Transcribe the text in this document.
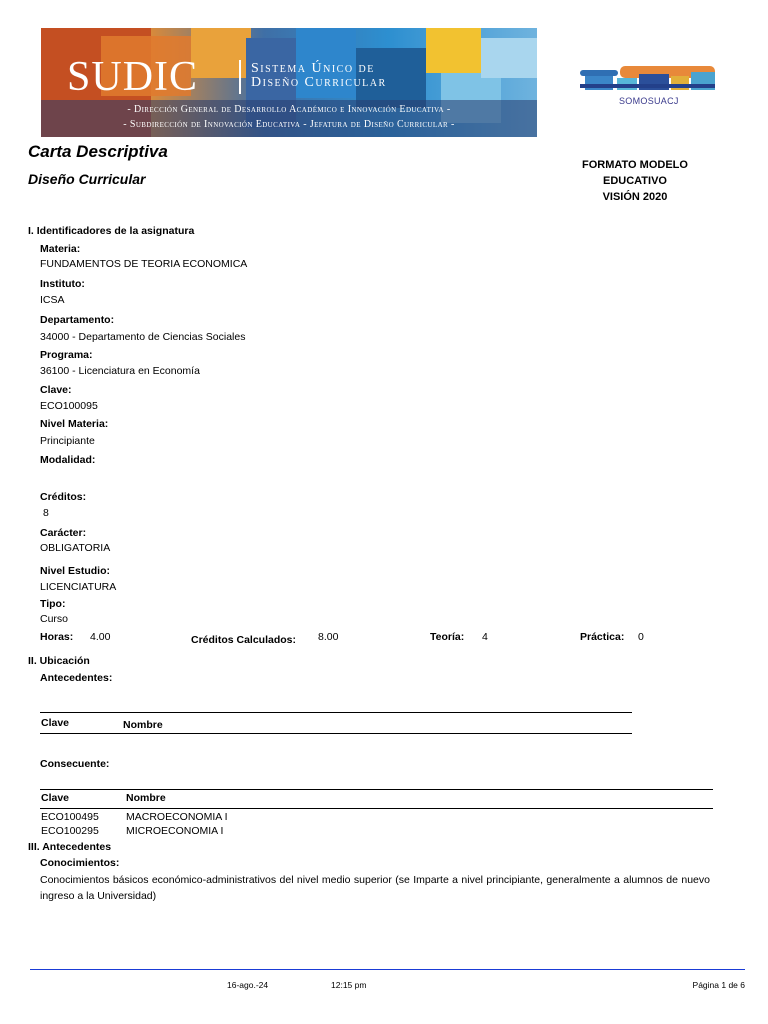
SUDIC	Sistema Único de
Diseño Curricular
- Dirección General de Desarrollo Académico e Innovación Educativa -
- Subdirección de Innovación Educativa - Jefatura de Diseño Curricular -
SOMOSUACJ
Carta Descriptiva
Diseño Curricular
FORMATO MODELO
EDUCATIVO
VISIÓN 2020
I. Identificadores de la asignatura
Materia:
FUNDAMENTOS DE TEORIA ECONOMICA
Instituto:
ICSA
Departamento:
34000 - Departamento de Ciencias Sociales
Programa:
36100 - Licenciatura en Economía
Clave:
ECO100095
Nivel Materia:
Principiante
Modalidad:
Créditos:
8
Carácter:
OBLIGATORIA
Nivel Estudio:
LICENCIATURA
Tipo:
Curso
Horas: 4.00	Créditos Calculados: 8.00	Teoría: 4	Práctica: 0
II. Ubicación
Antecedentes:
Clave	Nombre
Consecuente:
Clave	Nombre
ECO100495	MACROECONOMIA I
ECO100295	MICROECONOMIA I
III. Antecedentes
Conocimientos:
Conocimientos básicos económico-administrativos del nivel medio superior (se Imparte a nivel principiante, generalmente a alumnos de nuevo ingreso a la Universidad)
16-ago.-24	12:15 pm	Página 1 de 6
